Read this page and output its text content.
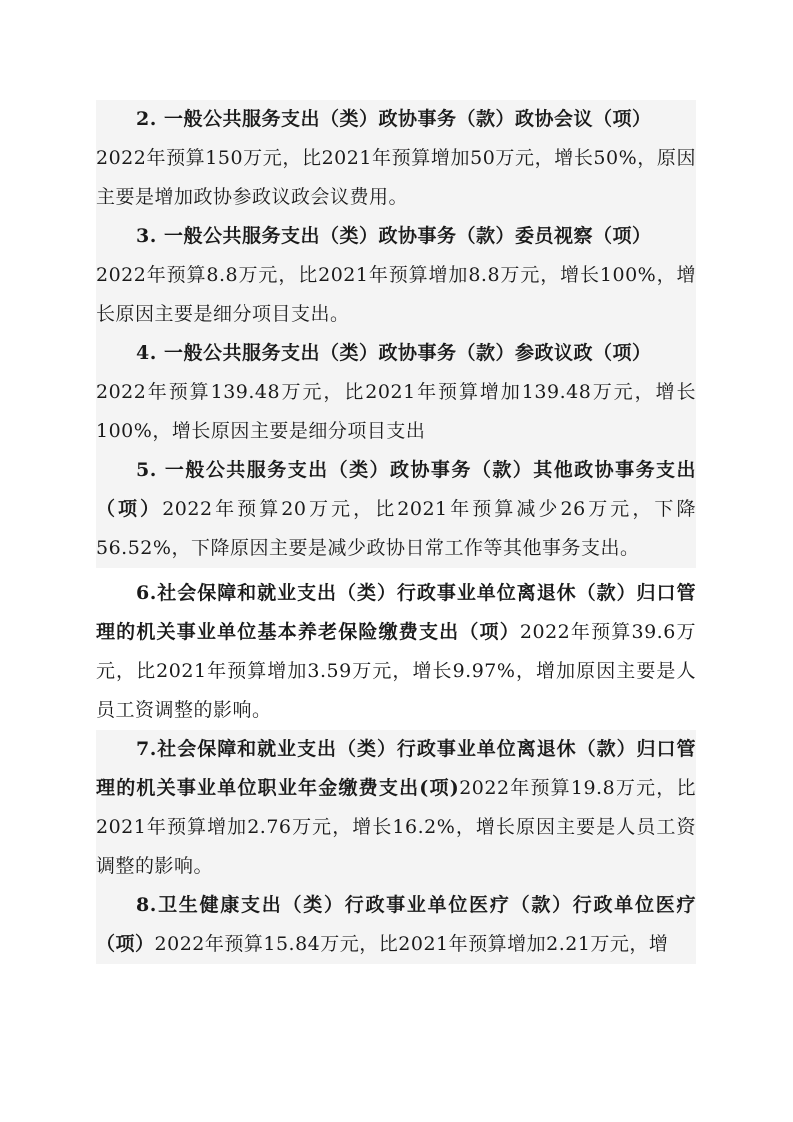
2. 一般公共服务支出（类）政协事务（款）政协会议（项）
2022年预算150万元，比2021年预算增加50万元，增长50%，原因主要是增加政协参政议政会议费用。

3. 一般公共服务支出（类）政协事务（款）委员视察（项）
2022年预算8.8万元，比2021年预算增加8.8万元，增长100%，增长原因主要是细分项目支出。

4. 一般公共服务支出（类）政协事务（款）参政议政（项）
2022年预算139.48万元，比2021年预算增加139.48万元，增长100%，增长原因主要是细分项目支出

5. 一般公共服务支出（类）政协事务（款）其他政协事务支出（项）2022年预算20万元，比2021年预算减少26万元，下降56.52%，下降原因主要是减少政协日常工作等其他事务支出。

6.社会保障和就业支出（类）行政事业单位离退休（款）归口管理的机关事业单位基本养老保险缴费支出（项）2022年预算39.6万元，比2021年预算增加3.59万元，增长9.97%，增加原因主要是人员工资调整的影响。

7.社会保障和就业支出（类）行政事业单位离退休（款）归口管理的机关事业单位职业年金缴费支出(项)2022年预算19.8万元，比2021年预算增加2.76万元，增长16.2%，增长原因主要是人员工资调整的影响。

8.卫生健康支出（类）行政事业单位医疗（款）行政单位医疗（项）2022年预算15.84万元，比2021年预算增加2.21万元，增
